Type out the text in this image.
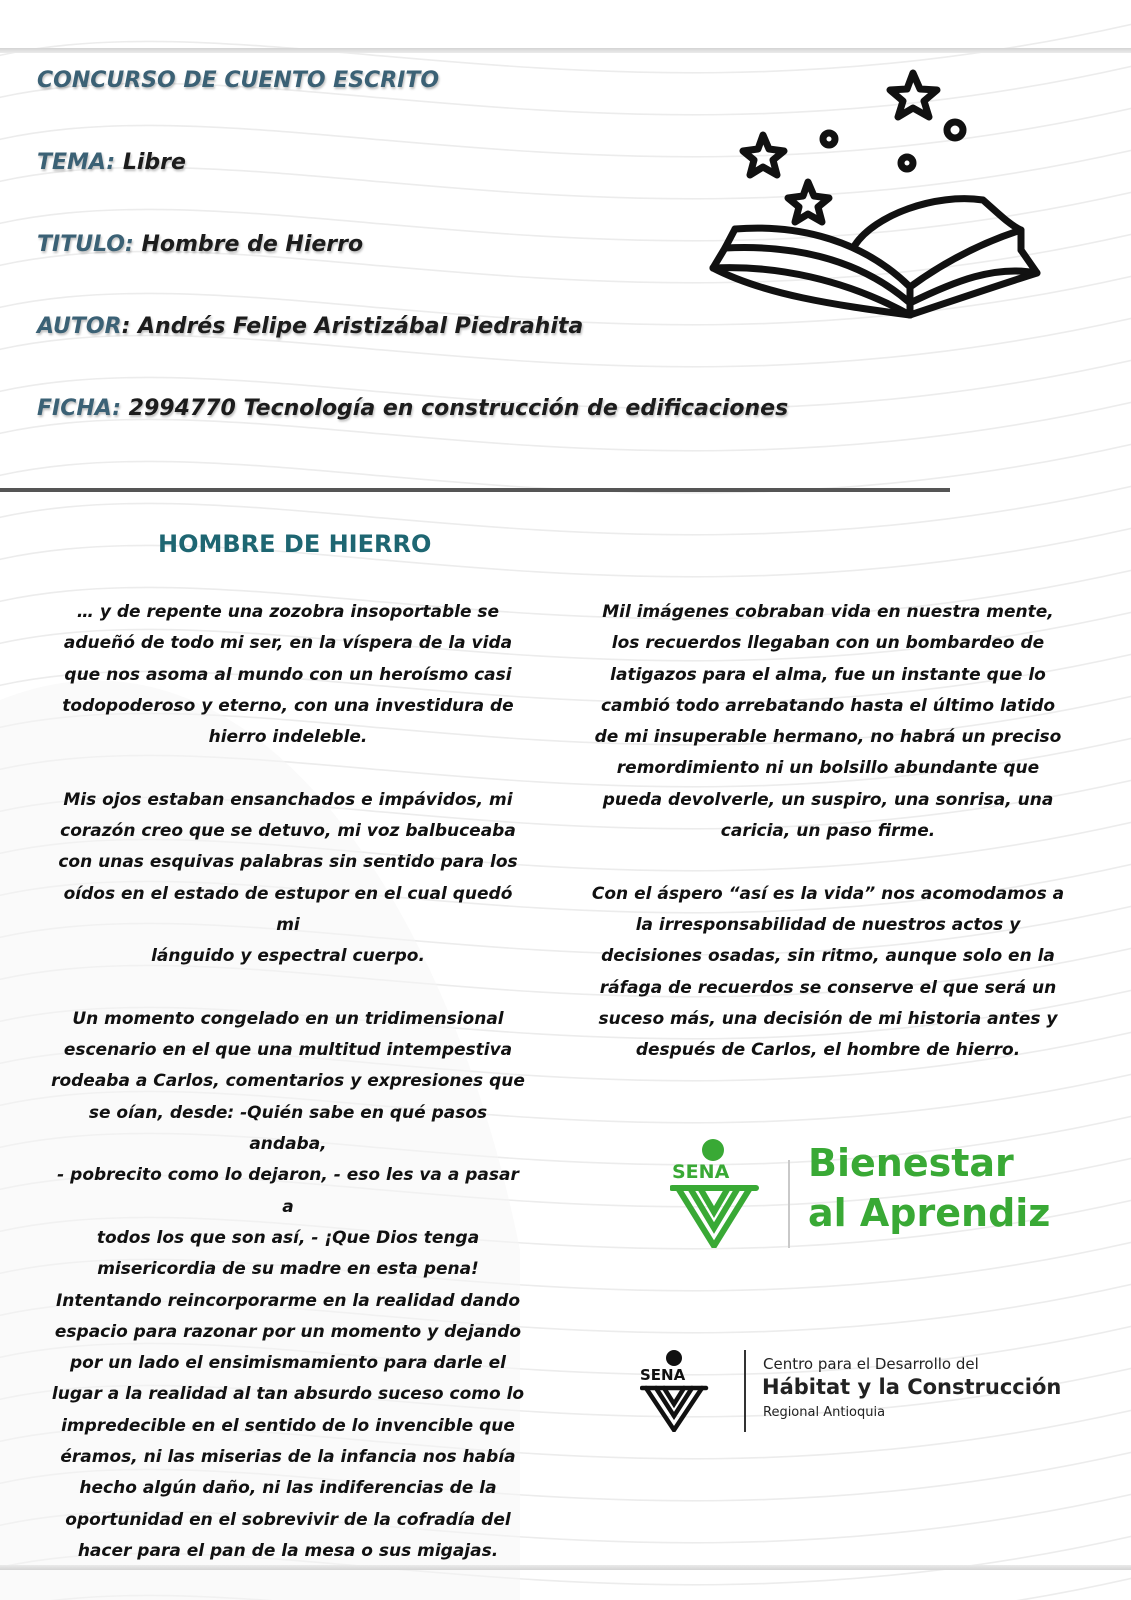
CONCURSO DE CUENTO ESCRITO

TEMA: Libre

TITULO: Hombre de Hierro

AUTOR: Andrés Felipe Aristizábal Piedrahita

FICHA: 2994770 Tecnología en construcción de edificaciones

HOMBRE DE HIERRO

… y de repente una zozobra insoportable se
adueñó de todo mi ser, en la víspera de la vida
que nos asoma al mundo con un heroísmo casi
todopoderoso y eterno, con una investidura de
hierro indeleble.

Mis ojos estaban ensanchados e impávidos, mi
corazón creo que se detuvo, mi voz balbuceaba
con unas esquivas palabras sin sentido para los
oídos en el estado de estupor en el cual quedó mi
lánguido y espectral cuerpo.

Un momento congelado en un tridimensional
escenario en el que una multitud intempestiva
rodeaba a Carlos, comentarios y expresiones que
se oían, desde: -Quién sabe en qué pasos andaba,
- pobrecito como lo dejaron, - eso les va a pasar a
todos los que son así, - ¡Que Dios tenga
misericordia de su madre en esta pena!
Intentando reincorporarme en la realidad dando
espacio para razonar por un momento y dejando
por un lado el ensimismamiento para darle el
lugar a la realidad al tan absurdo suceso como lo
impredecible en el sentido de lo invencible que
éramos, ni las miserias de la infancia nos había
hecho algún daño, ni las indiferencias de la
oportunidad en el sobrevivir de la cofradía del
hacer para el pan de la mesa o sus migajas.

Mil imágenes cobraban vida en nuestra mente,
los recuerdos llegaban con un bombardeo de
latigazos para el alma, fue un instante que lo
cambió todo arrebatando hasta el último latido
de mi insuperable hermano, no habrá un preciso
remordimiento ni un bolsillo abundante que
pueda devolverle, un suspiro, una sonrisa, una
caricia, un paso firme.

Con el áspero “así es la vida” nos acomodamos a
la irresponsabilidad de nuestros actos y
decisiones osadas, sin ritmo, aunque solo en la
ráfaga de recuerdos se conserve el que será un
suceso más, una decisión de mi historia antes y
después de Carlos, el hombre de hierro.

SENA Bienestar
al Aprendiz
SENA
Centro para el Desarrollo del
Hábitat y la Construcción
Regional Antioquia
